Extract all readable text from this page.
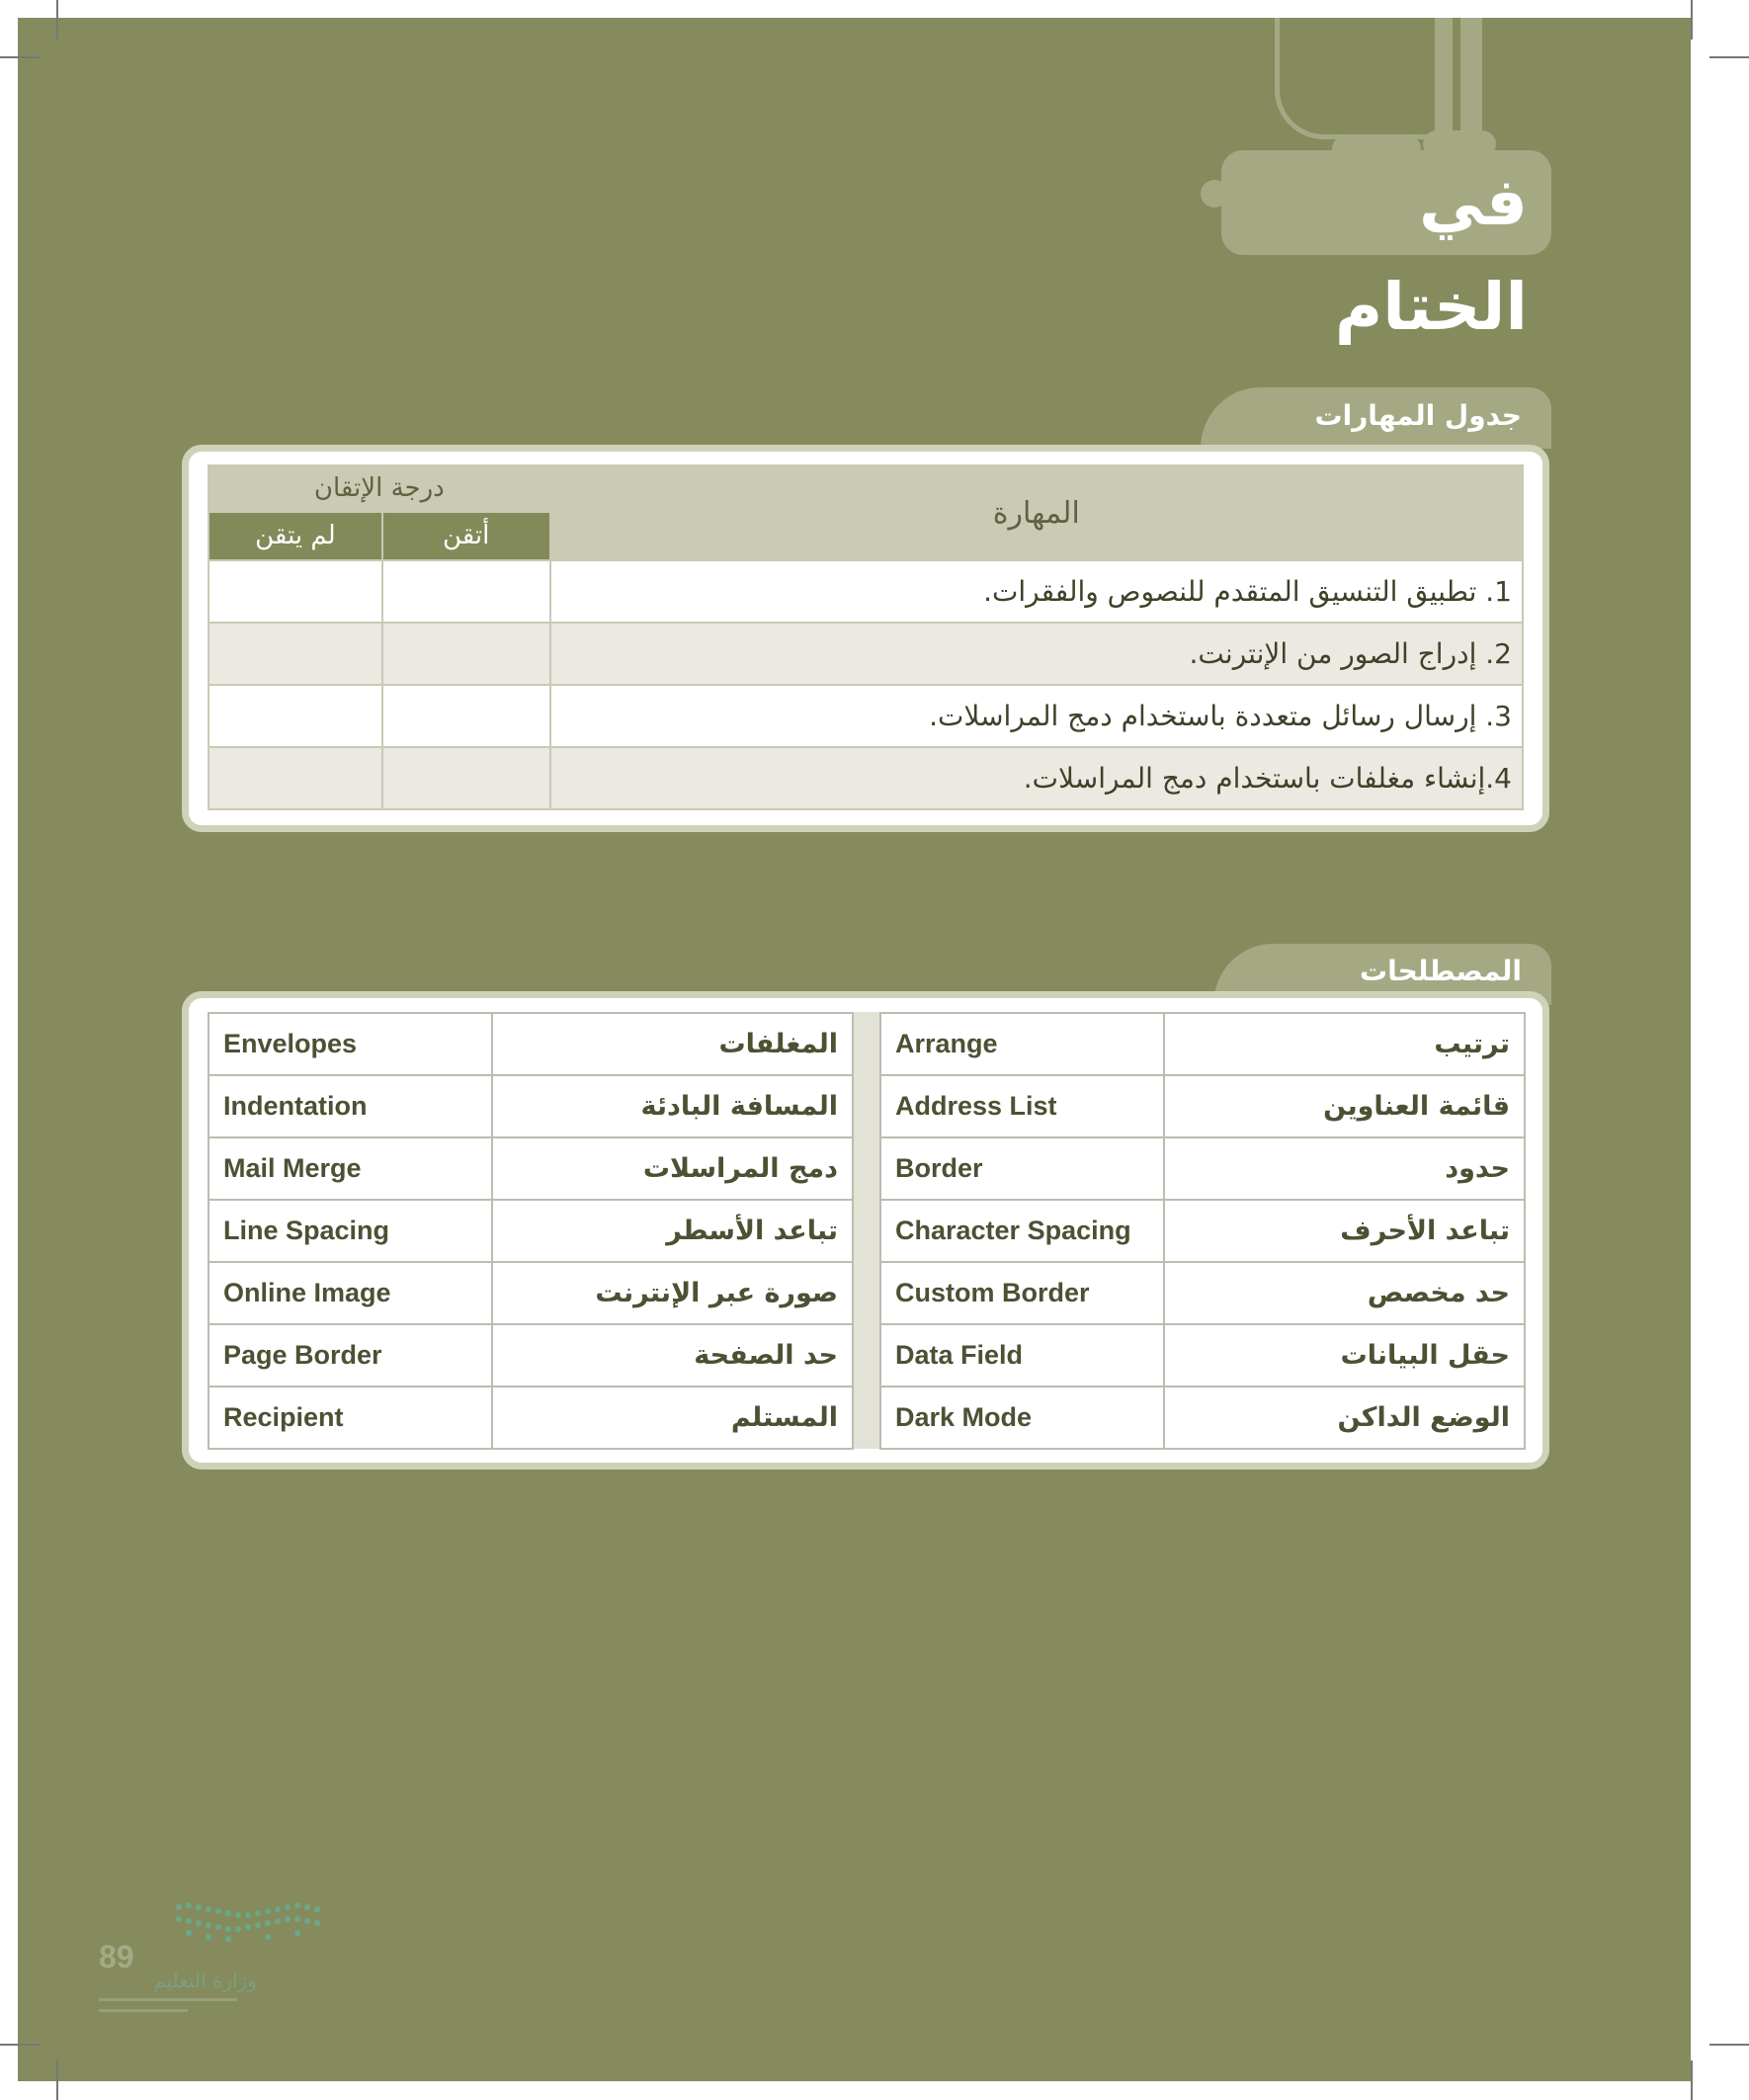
في الختام
جدول المهارات
المهارة	درجة الإتقان	
	أتقن	لم يتقن
1. تطبيق التنسيق المتقدم للنصوص والفقرات.		
2. إدراج الصور من الإنترنت.		
3. إرسال رسائل متعددة باستخدام دمج المراسلات.		
4.إنشاء مغلفات باستخدام دمج المراسلات.		
المصطلحات
ترتيب	Arrange
قائمة العناوين	Address List
حدود	Border
تباعد الأحرف	Character Spacing
حد مخصص	Custom Border
حقل البيانات	Data Field
الوضع الداكن	Dark Mode
المغلفات	Envelopes
المسافة البادئة	Indentation
دمج المراسلات	Mail Merge
تباعد الأسطر	Line Spacing
صورة عبر الإنترنت	Online Image
حد الصفحة	Page Border
المستلم	Recipient
89
وزارة التعليم
